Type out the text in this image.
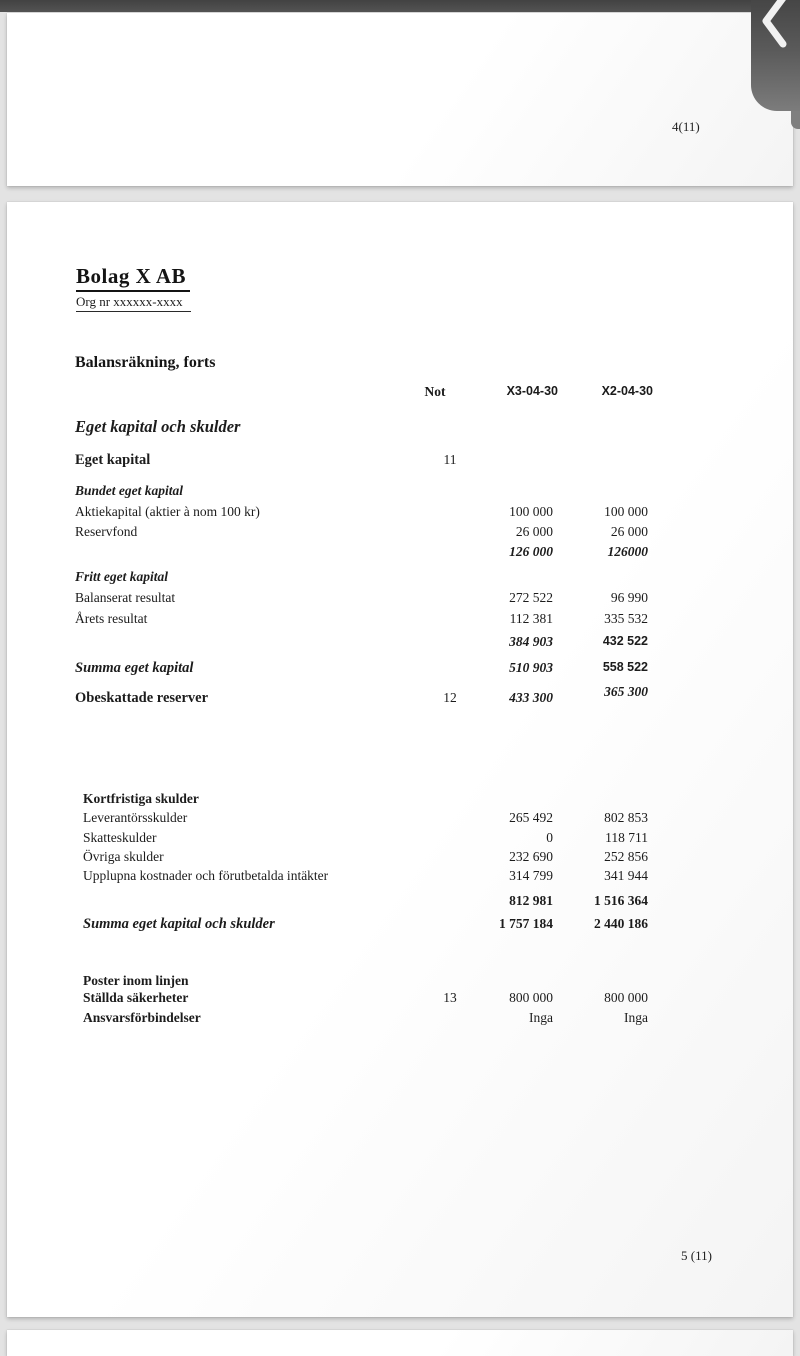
4(11)
Bolag X AB
Org nr xxxxxx-xxxx
Balansräkning, forts
Not	X3-04-30	X2-04-30
Eget kapital och skulder
Eget kapital	11
Bundet eget kapital
Aktiekapital (aktier à nom 100 kr)	100 000	100 000
Reservfond	26 000	26 000
126 000	126000
Fritt eget kapital
Balanserat resultat	272 522	96 990
Årets resultat	112 381	335 532
384 903	432 522
Summa eget kapital	510 903	558 522
Obeskattade reserver	12	433 300	365 300
Kortfristiga skulder
Leverantörsskulder	265 492	802 853
Skatteskulder	0	118 711
Övriga skulder	232 690	252 856
Upplupna kostnader och förutbetalda intäkter	314 799	341 944
812 981	1 516 364
Summa eget kapital och skulder	1 757 184	2 440 186
Poster inom linjen
Ställda säkerheter	13	800 000	800 000
Ansvarsförbindelser	Inga	Inga
5 (11)
